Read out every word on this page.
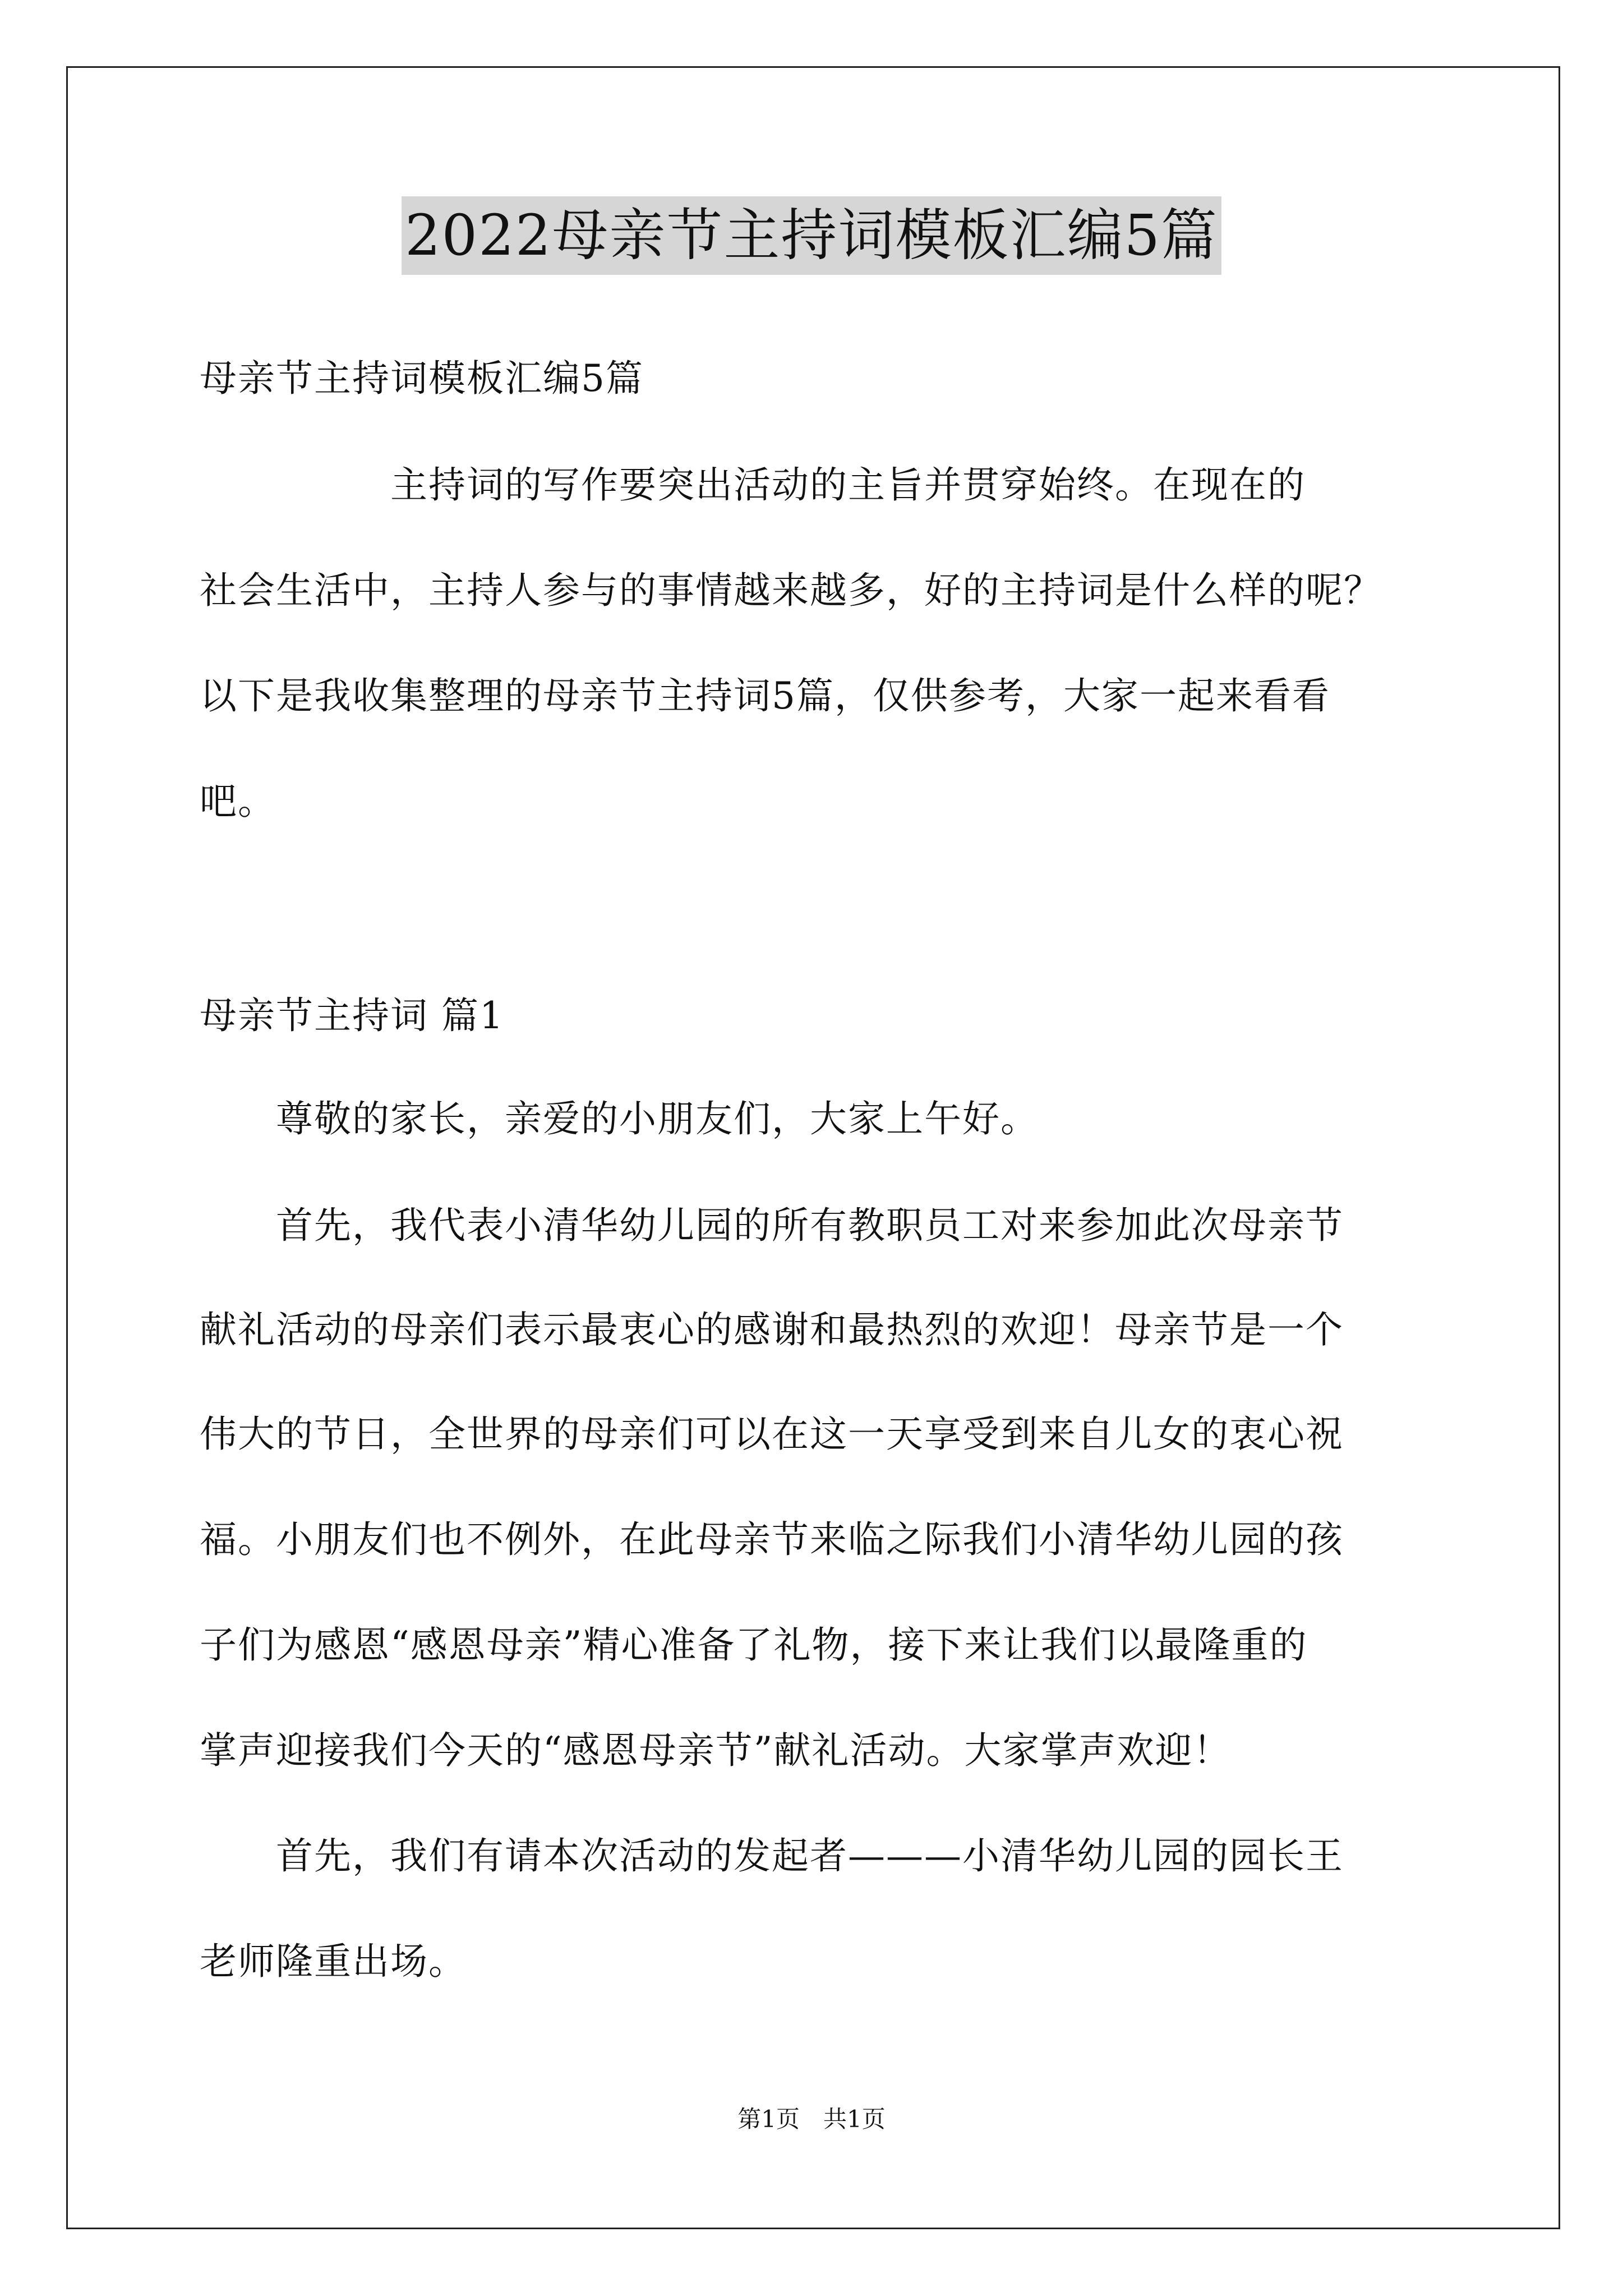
2022母亲节主持词模板汇编5篇

母亲节主持词模板汇编5篇

　　　　　主持词的写作要突出活动的主旨并贯穿始终。在现在的

社会生活中，主持人参与的事情越来越多，好的主持词是什么样的呢？

以下是我收集整理的母亲节主持词5篇，仅供参考，大家一起来看看

吧。

母亲节主持词 篇1

　　尊敬的家长，亲爱的小朋友们，大家上午好。

　　首先，我代表小清华幼儿园的所有教职员工对来参加此次母亲节

献礼活动的母亲们表示最衷心的感谢和最热烈的欢迎！母亲节是一个

伟大的节日，全世界的母亲们可以在这一天享受到来自儿女的衷心祝

福。小朋友们也不例外，在此母亲节来临之际我们小清华幼儿园的孩

子们为感恩“感恩母亲”精心准备了礼物，接下来让我们以最隆重的

掌声迎接我们今天的“感恩母亲节”献礼活动。大家掌声欢迎！

　　首先，我们有请本次活动的发起者———小清华幼儿园的园长王

老师隆重出场。

第1页　共1页
